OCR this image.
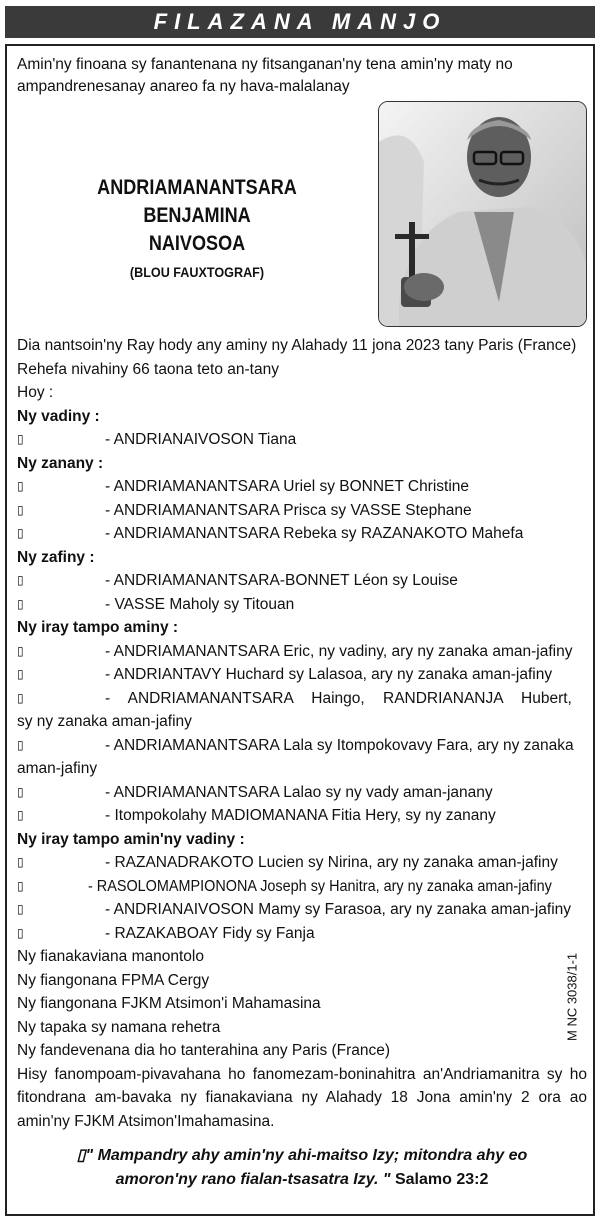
FILAZANA MANJO
Amin'ny finoana sy fanantenana ny fitsanganan'ny tena amin'ny maty no ampandrenesanay anareo fa ny hava-malalanay
ANDRIAMANANTSARA BENJAMINA
NAIVOSOA
(BLOU FAUXTOGRAF)
Dia nantsoin'ny Ray hody any aminy ny Alahady 11 jona 2023 tany Paris (France)
Rehefa nivahiny 66 taona teto an-tany
Hoy :
Ny vadiny :
▯	- ANDRIANAIVOSON Tiana
Ny zanany :
▯	- ANDRIAMANANTSARA Uriel sy BONNET Christine
▯	- ANDRIAMANANTSARA Prisca sy VASSE Stephane
▯	- ANDRIAMANANTSARA Rebeka sy RAZANAKOTO Mahefa
Ny zafiny :
▯	- ANDRIAMANANTSARA-BONNET Léon sy Louise
▯	- VASSE Maholy sy Titouan
Ny iray tampo aminy :
▯	- ANDRIAMANANTSARA Eric, ny vadiny, ary ny zanaka aman-jafiny
▯	- ANDRIANTAVY Huchard sy Lalasoa, ary ny zanaka aman-jafiny
▯	- ANDRIAMANANTSARA Haingo, RANDRIANANJA Hubert,
sy ny zanaka aman-jafiny
▯	- ANDRIAMANANTSARA Lala sy Itompokovavy Fara, ary ny zanaka
aman-jafiny
▯	- ANDRIAMANANTSARA Lalao sy ny vady aman-janany
▯	- Itompokolahy MADIOMANANA Fitia Hery, sy ny zanany
Ny iray tampo amin'ny vadiny :
▯	- RAZANADRAKOTO Lucien sy Nirina, ary ny zanaka aman-jafiny
▯	- RASOLOMAMPIONONA Joseph sy Hanitra, ary ny zanaka aman-jafiny
▯	- ANDRIANAIVOSON Mamy sy Farasoa, ary ny zanaka aman-jafiny
▯	- RAZAKABOAY Fidy sy Fanja
Ny fianakaviana manontolo
Ny fiangonana FPMA Cergy
Ny fiangonana FJKM Atsimon'i Mahamasina
Ny tapaka sy namana rehetra
Ny fandevenana dia ho tanterahina any Paris (France)
Hisy fanompoam-pivavahana ho fanomezam-boninahitra an'Andriamanitra sy ho fitondrana am-bavaka ny fianakaviana ny Alahady 18 Jona amin'ny 2 ora ao amin'ny FJKM Atsimon'Imahamasina.
M NC 3038/1-1
▯" Mampandry ahy amin'ny ahi-maitso Izy; mitondra ahy eo
amoron'ny rano fialan-tsasatra Izy. " Salamo 23:2
